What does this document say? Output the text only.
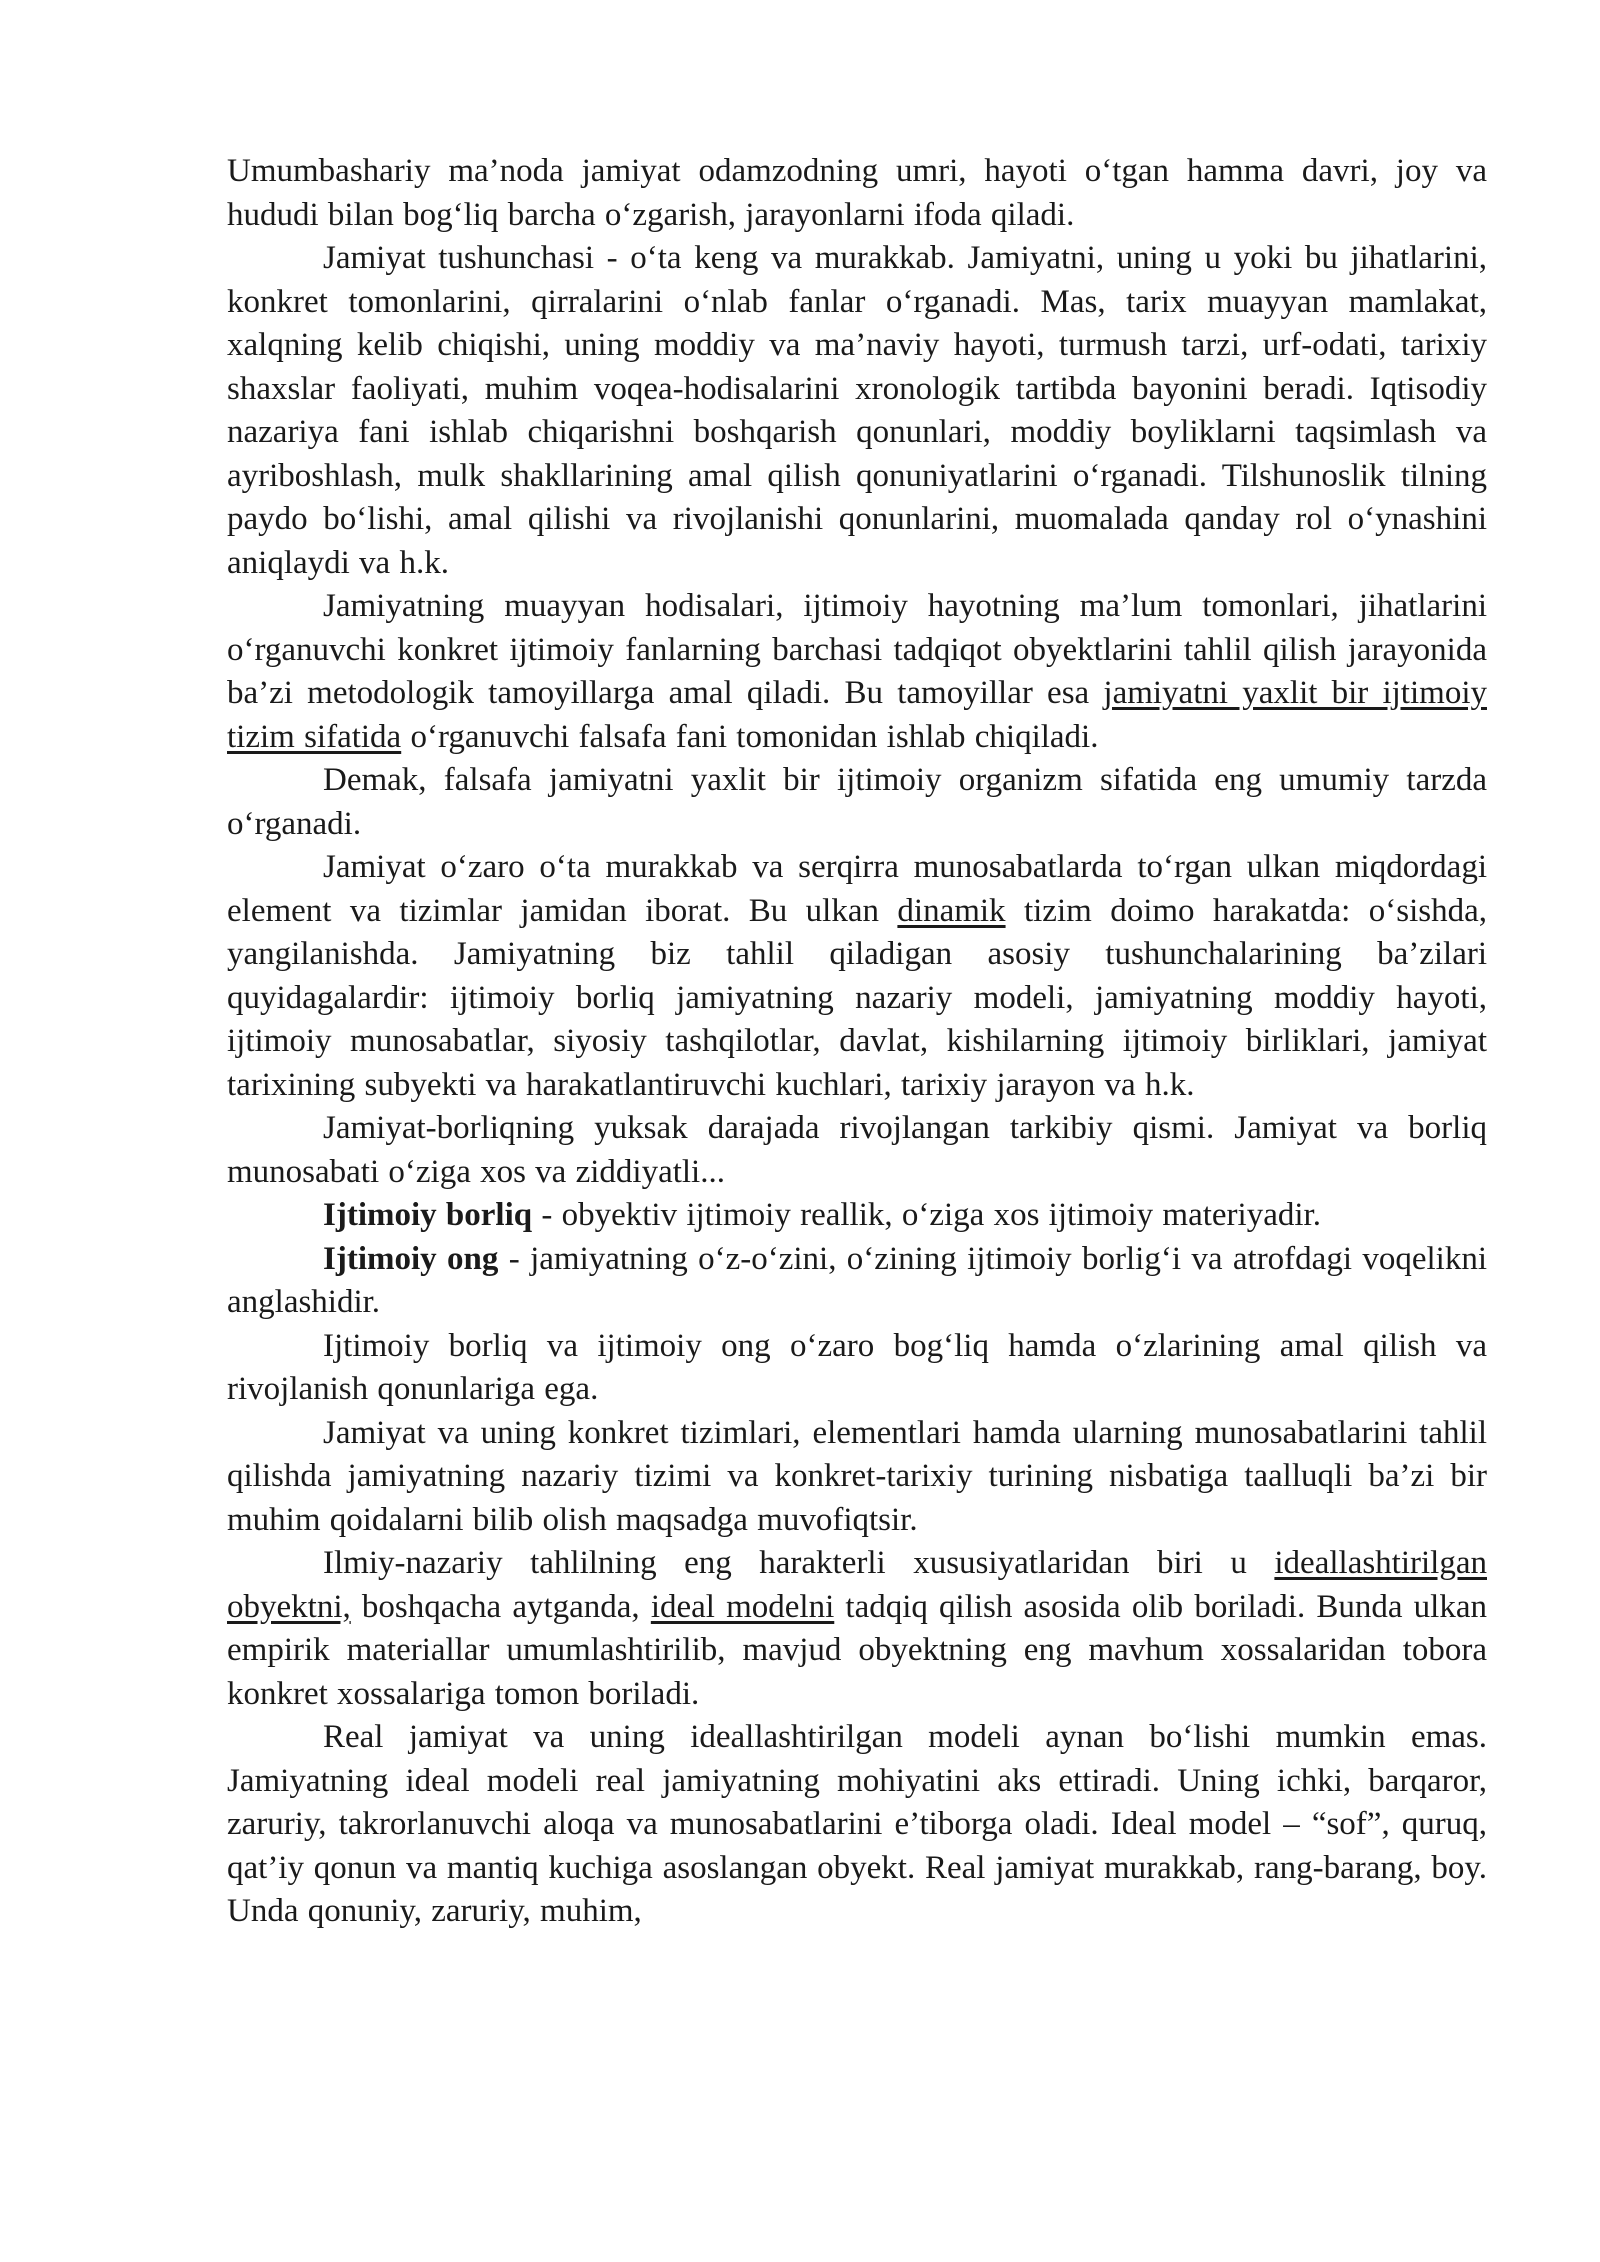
Umumbashariy ma’noda jamiyat odamzodning umri, hayoti o‘tgan hamma davri, joy va hududi bilan bog‘liq barcha o‘zgarish, jarayonlarni ifoda qiladi.

Jamiyat tushunchasi - o‘ta keng va murakkab. Jamiyatni, uning u yoki bu jihatlarini, konkret tomonlarini, qirralarini o‘nlab fanlar o‘rganadi. Mas, tarix muayyan mamlakat, xalqning kelib chiqishi, uning moddiy va ma’naviy hayoti, turmush tarzi, urf-odati, tarixiy shaxslar faoliyati, muhim voqea-hodisalarini xronologik tartibda bayonini beradi. Iqtisodiy nazariya fani ishlab chiqarishni boshqarish qonunlari, moddiy boyliklarni taqsimlash va ayriboshlash, mulk shakllarining amal qilish qonuniyatlarini o‘rganadi. Tilshunoslik tilning paydo bo‘lishi, amal qilishi va rivojlanishi qonunlarini, muomalada qanday rol o‘ynashini aniqlaydi va h.k.

Jamiyatning muayyan hodisalari, ijtimoiy hayotning ma’lum tomonlari, jihatlarini o‘rganuvchi konkret ijtimoiy fanlarning barchasi tadqiqot obyektlarini tahlil qilish jarayonida ba’zi metodologik tamoyillarga amal qiladi. Bu tamoyillar esa jamiyatni yaxlit bir ijtimoiy tizim sifatida o‘rganuvchi falsafa fani tomonidan ishlab chiqiladi.

Demak, falsafa jamiyatni yaxlit bir ijtimoiy organizm sifatida eng umumiy tarzda o‘rganadi.

Jamiyat o‘zaro o‘ta murakkab va serqirra munosabatlarda to‘rgan ulkan miqdordagi element va tizimlar jamidan iborat. Bu ulkan dinamik tizim doimo harakatda: o‘sishda, yangilanishda. Jamiyatning biz tahlil qiladigan asosiy tushunchalarining ba’zilari quyidagalardir: ijtimoiy borliq jamiyatning nazariy modeli, jamiyatning moddiy hayoti, ijtimoiy munosabatlar, siyosiy tashqilotlar, davlat, kishilarning ijtimoiy birliklari, jamiyat tarixining subyekti va harakatlantiruvchi kuchlari, tarixiy jarayon va h.k.

Jamiyat-borliqning yuksak darajada rivojlangan tarkibiy qismi. Jamiyat va borliq munosabati o‘ziga xos va ziddiyatli...

Ijtimoiy borliq - obyektiv ijtimoiy reallik, o‘ziga xos ijtimoiy materiyadir.

Ijtimoiy ong - jamiyatning o‘z-o‘zini, o‘zining ijtimoiy borlig‘i va atrofdagi voqelikni anglashidir.

Ijtimoiy borliq va ijtimoiy ong o‘zaro bog‘liq hamda o‘zlarining amal qilish va rivojlanish qonunlariga ega.

Jamiyat va uning konkret tizimlari, elementlari hamda ularning munosabatlarini tahlil qilishda jamiyatning nazariy tizimi va konkret-tarixiy turining nisbatiga taalluqli ba’zi bir muhim qoidalarni bilib olish maqsadga muvofiqtsir.

Ilmiy-nazariy tahlilning eng harakterli xususiyatlaridan biri u ideallashtirilgan obyektni, boshqacha aytganda, ideal modelni tadqiq qilish asosida olib boriladi. Bunda ulkan empirik materiallar umumlashtirilib, mavjud obyektning eng mavhum xossalaridan tobora konkret xossalariga tomon boriladi.

Real jamiyat va uning ideallashtirilgan modeli aynan bo‘lishi mumkin emas. Jamiyatning ideal modeli real jamiyatning mohiyatini aks ettiradi. Uning ichki, barqaror, zaruriy, takrorlanuvchi aloqa va munosabatlarini e’tiborga oladi. Ideal model – “sof”, quruq, qat’iy qonun va mantiq kuchiga asoslangan obyekt. Real jamiyat murakkab, rang-barang, boy. Unda qonuniy, zaruriy, muhim,
